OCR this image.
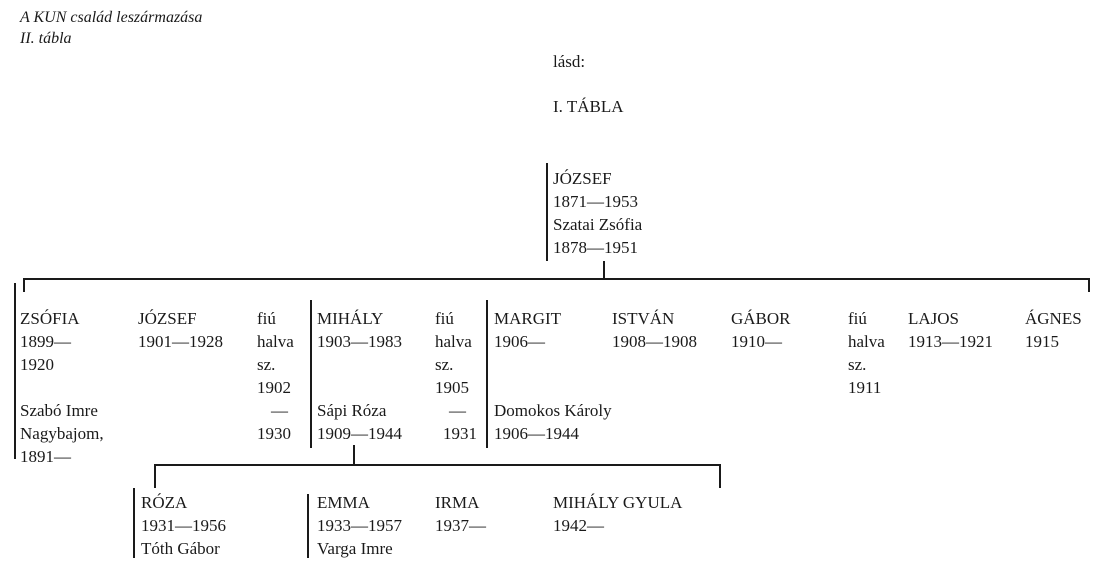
A KUN család leszármazása
II. tábla
lásd:
I. TÁBLA
JÓZSEF
1871—1953
Szatai Zsófia
1878—1951
ZSÓFIA
1899—
1920
Szabó Imre
Nagybajom,
1891—
JÓZSEF
1901—1928
fiú
halva
sz.
1902
—
1930
MIHÁLY
1903—1983
Sápi Róza
1909—1944
fiú
halva
sz.
1905
—
1931
MARGIT
1906—
Domokos Károly
1906—1944
ISTVÁN
1908—1908
GÁBOR
1910—
fiú
halva
sz.
1911
LAJOS
1913—1921
ÁGNES
1915
RÓZA
1931—1956
Tóth Gábor
EMMA
1933—1957
Varga Imre
IRMA
1937—
MIHÁLY GYULA
1942—
